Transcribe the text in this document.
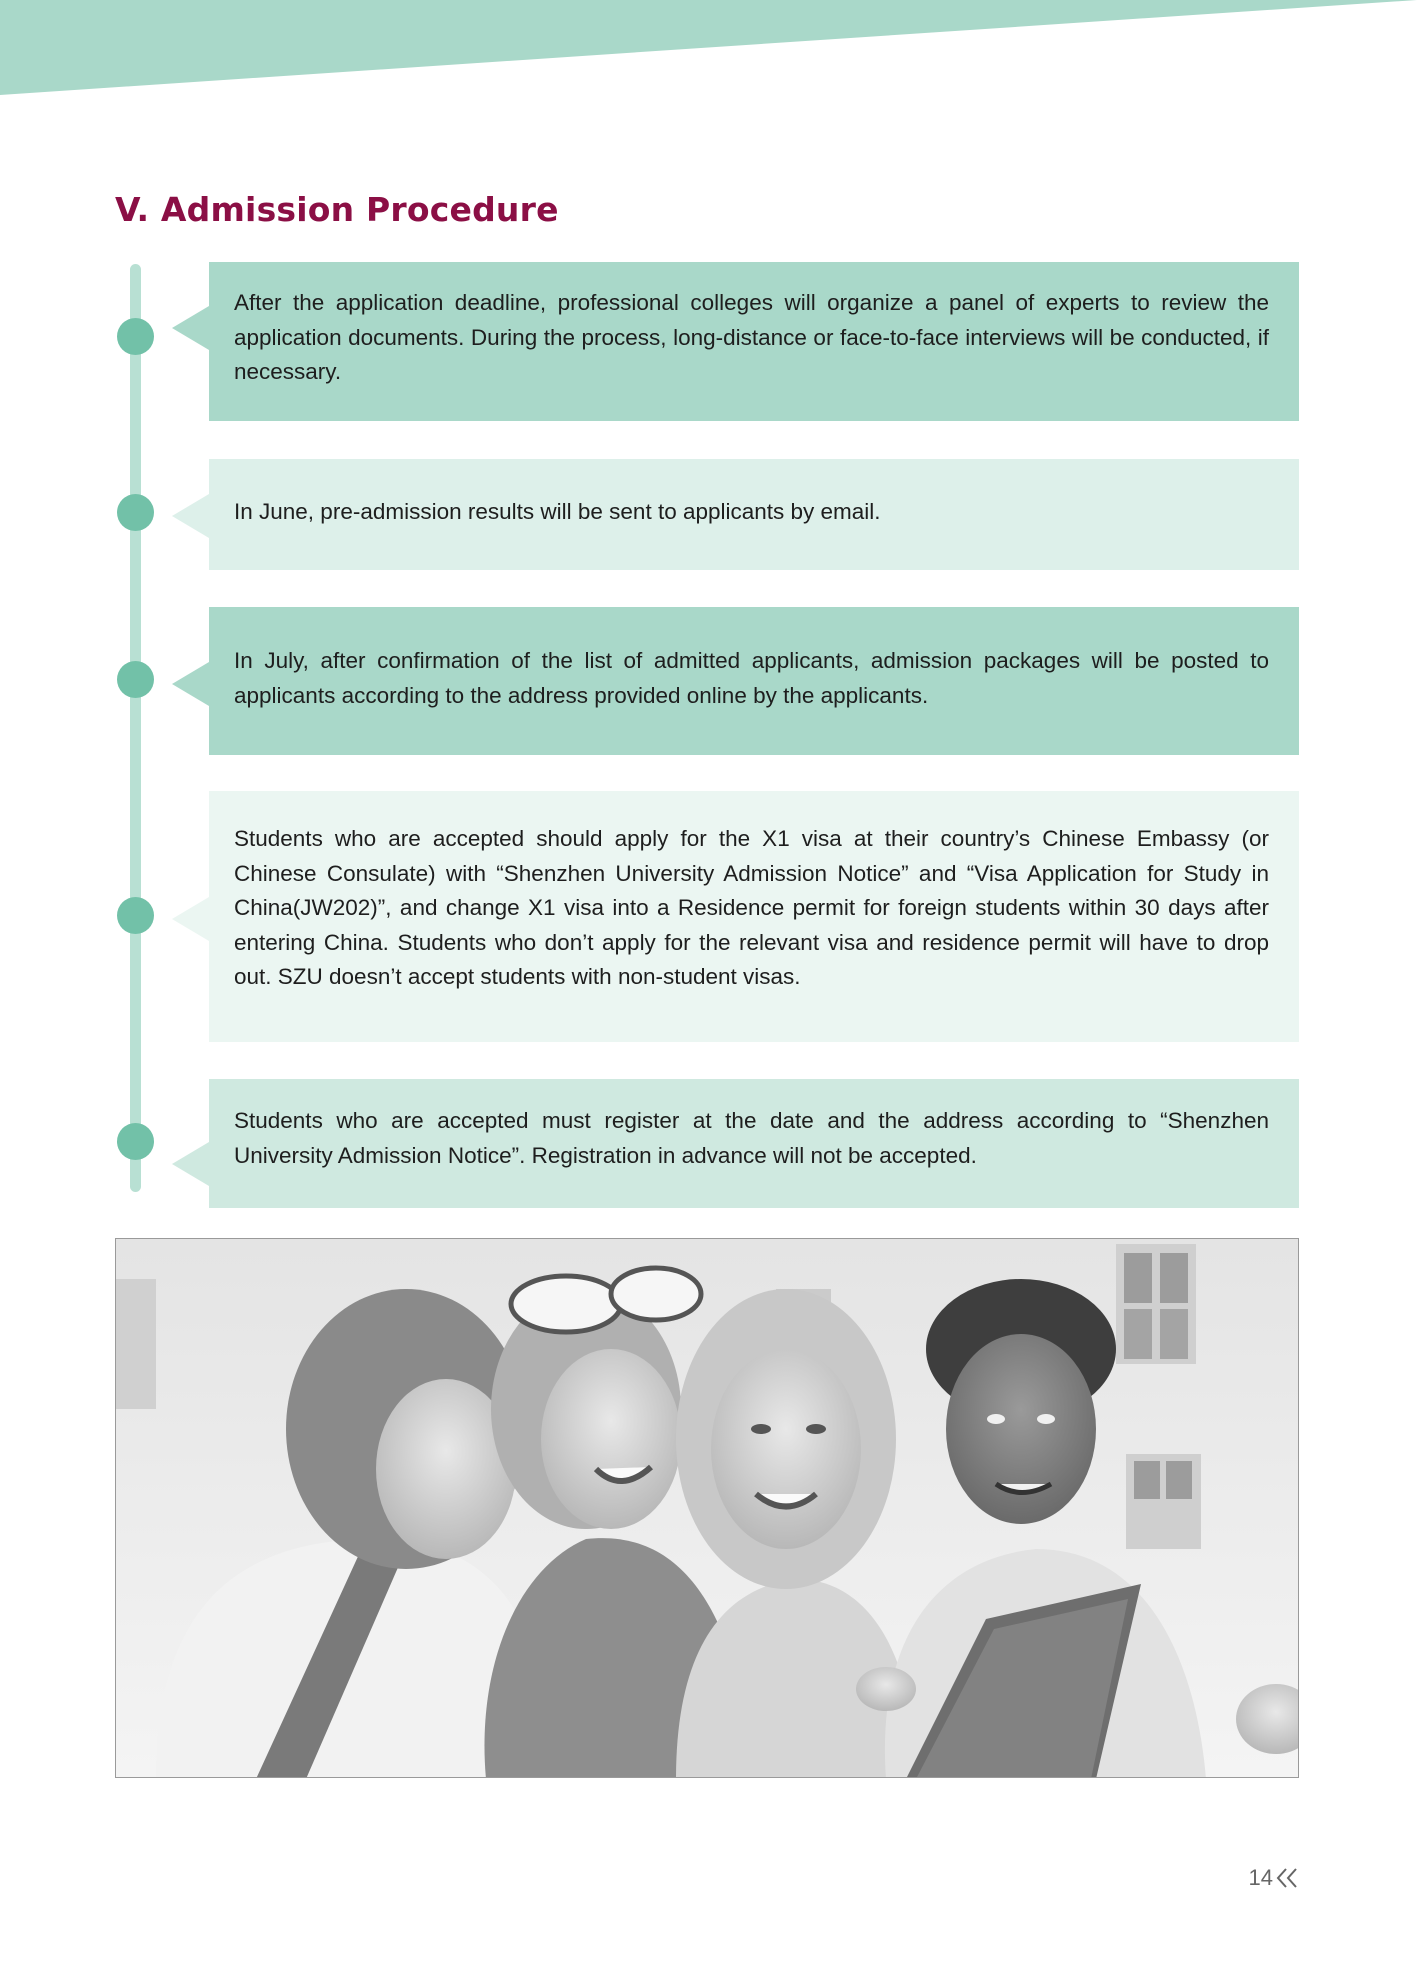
V. Admission Procedure

After the application deadline, professional colleges will organize a panel of experts to review the application documents. During the process, long-distance or face-to-face interviews will be conducted, if necessary.

In June, pre-admission results will be sent to applicants by email.

In July, after confirmation of the list of admitted applicants, admission packages will be posted to applicants according to the address provided online by the applicants.

Students who are accepted should apply for the X1 visa at their country’s Chinese Embassy (or Chinese Consulate) with “Shenzhen University Admission Notice” and “Visa Application for Study in China(JW202)”, and change X1 visa into a Residence permit for foreign students within 30 days after entering China. Students who don’t apply for the relevant visa and residence permit will have to drop out. SZU doesn’t accept students with non-student visas.

Students who are accepted must register at the date and the address according to “Shenzhen University Admission Notice”. Registration in advance will not be accepted.

14
